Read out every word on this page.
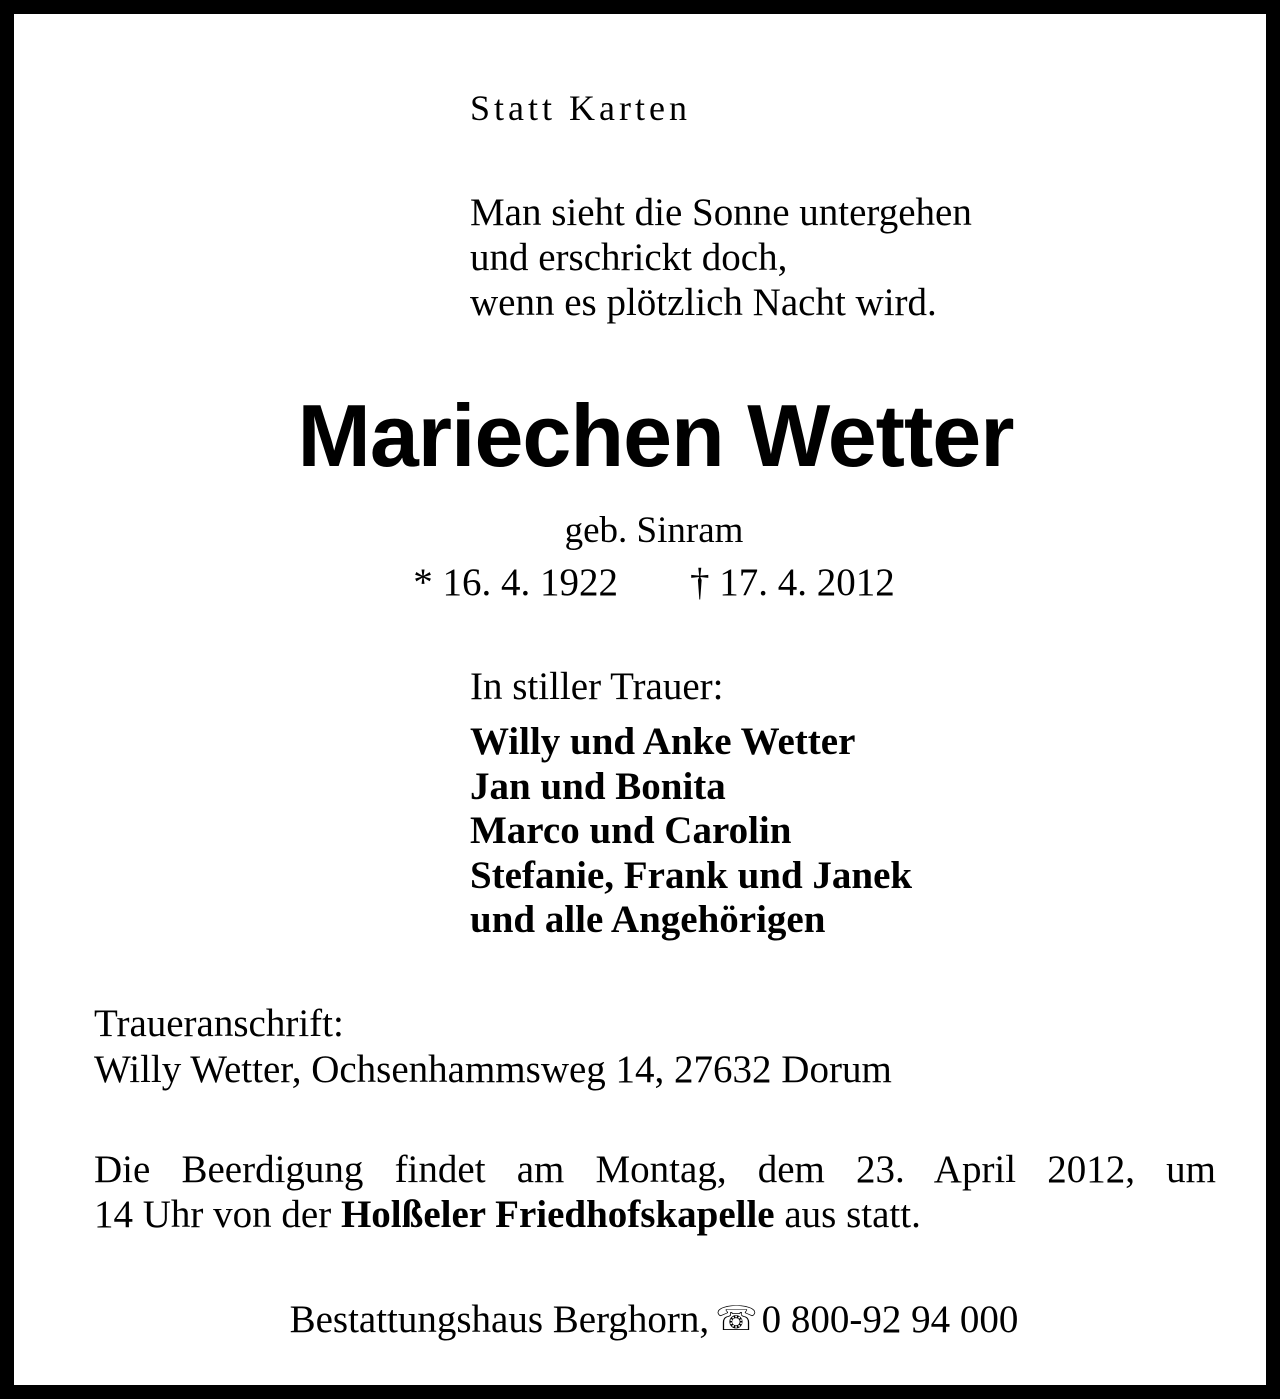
Statt Karten
Man sieht die Sonne untergehen
und erschrickt doch,
wenn es plötzlich Nacht wird.
Mariechen Wetter
geb. Sinram
* 16. 4. 1922 † 17. 4. 2012
In stiller Trauer:
Willy und Anke Wetter
Jan und Bonita
Marco und Carolin
Stefanie, Frank und Janek
und alle Angehörigen
Traueranschrift:
Willy Wetter, Ochsenhammsweg 14, 27632 Dorum
Die Beerdigung findet am Montag, dem 23. April 2012, um
14 Uhr von der Holßeler Friedhofskapelle aus statt.
Bestattungshaus Berghorn, ☏ 0 800-92 94 000
